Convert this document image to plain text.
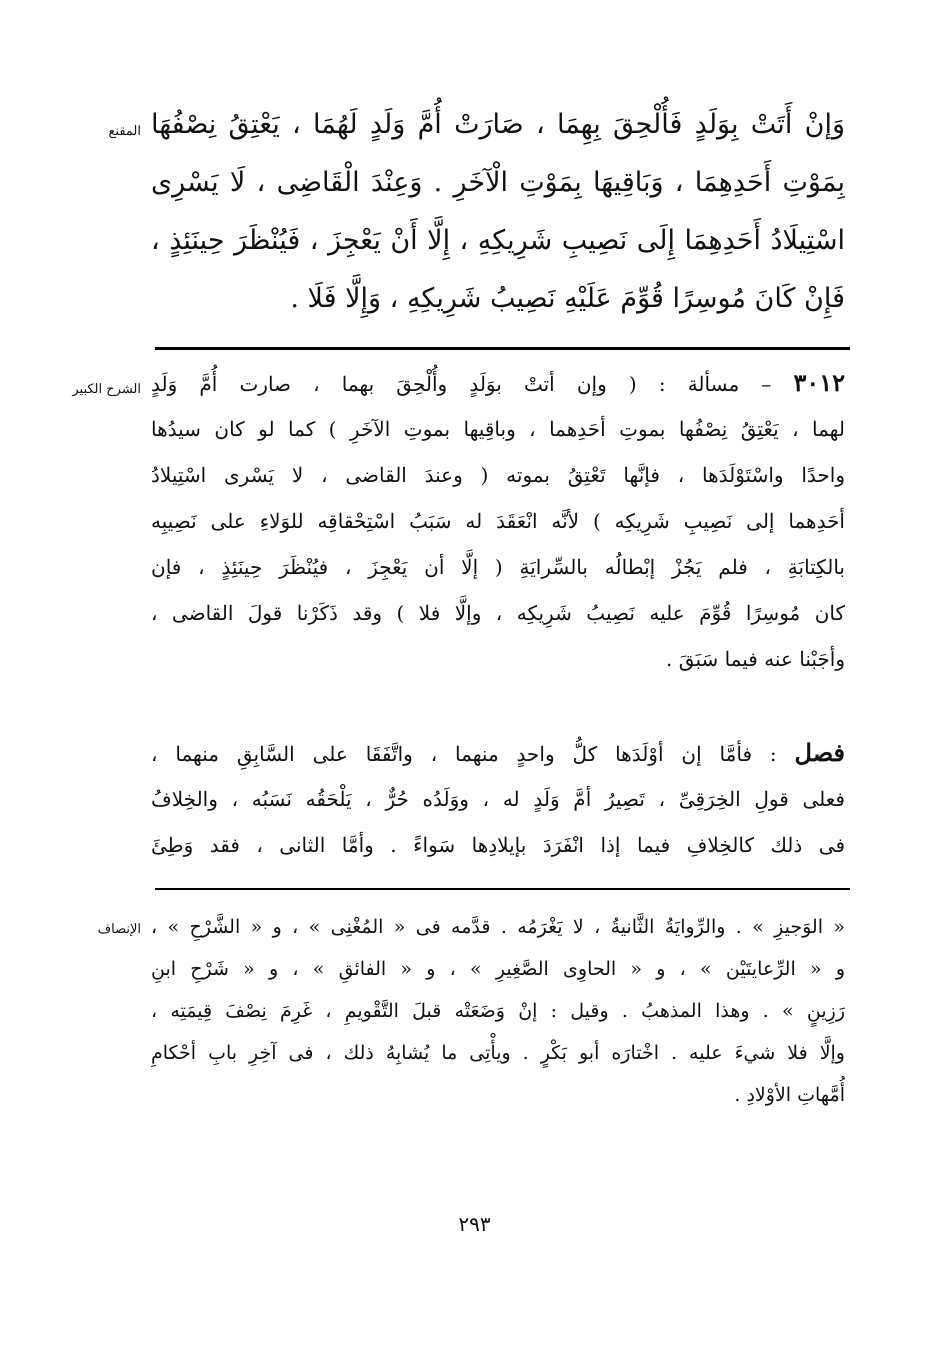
المقنع وَإنْ أَتَتْ بِوَلَدٍ فَأُلْحِقَ بِهِمَا ، صَارَتْ أُمَّ وَلَدٍ لَهُمَا ، يَعْتِقُ نِصْفُهَا
بِمَوْتِ أَحَدِهِمَا ، وَبَاقِيهَا بِمَوْتِ الْآخَرِ . وَعِنْدَ الْقَاضِى ، لَا يَسْرِى
اسْتِيلَادُ أَحَدِهِمَا إِلَى نَصِيبِ شَرِيكِهِ ، إِلَّا أَنْ يَعْجِزَ ، فَيُنْظَرَ حِينَئِذٍ ،
فَإِنْ كَانَ مُوسِرًا قُوِّمَ عَلَيْهِ نَصِيبُ شَرِيكِهِ ، وَإِلَّا فَلَا .
الشرح الكبير	٣٠١٢ – مسألة : ( وإن أتتْ بوَلَدٍ وأُلْحِقَ بهما ، صارت أُمَّ وَلَدٍ
لهما ، يَعْتِقُ نِصْفُها بموتِ أحَدِهما ، وباقِيها بموتِ الآخَرِ ) كما لو كان سيدُها
واحدًا واسْتَوْلَدَها ، فإنَّها تَعْتِقُ بموته ( وعندَ القاضى ، لا يَسْرى اسْتِيلادُ
أحَدِهما إلى نَصِيبِ شَرِيكِه ) لأنَّه انْعَقَدَ له سَبَبُ اسْتِحْقاقِه للوَلاءِ على نَصِيبِه
بالكِتابَةِ ، فلم يَجُزْ إبْطالُه بالسِّرايَةِ ( إلَّا أن يَعْجِزَ ، فيُنْظَرَ حِينَئِذٍ ، فإن
كان مُوسِرًا قُوِّمَ عليه نَصِيبُ شَرِيكِه ، وإلَّا فلا ) وقد ذَكَرْنا قولَ القاضى ،
وأجَبْنا عنه فيما سَبَقَ .
فصل : فأمَّا إن أوْلَدَها كلُّ واحدٍ منهما ، واتَّفَقَا على السَّابِقِ منهما ،
فعلى قولِ الخِرَقِىِّ ، تَصِيرُ أمَّ وَلَدٍ له ، ووَلَدُه حُرٌّ ، يَلْحَقُه نَسَبُه ، والخِلافُ
فى ذلك كالخِلافِ فيما إذا انْفَرَدَ بإيلادِها سَواءً . وأمَّا الثانى ، فقد وَطِئَ
الإنصاف « الوَجيزِ » . والرِّوايَةُ الثَّانيةُ ، لا يَغْرَمُه . قدَّمه فى « المُغْنِى » ، و « الشَّرْحِ » ،
و « الرِّعايتَيْن » ، و « الحاوِى الصَّغِيرِ » ، و « الفائقِ » ، و « شَرْحِ ابنِ
رَزِينٍ » . وهذا المذهبُ . وقيل : إنْ وَضَعَتْه قبلَ التَّقْويمِ ، غَرِمَ نِصْفَ قِيمَتِه ،
وإلَّا فلا شيءَ عليه . اخْتارَه أبو بَكْرٍ . ويأْتِى ما يُشابِهُ ذلك ، فى آخِرِ بابِ أحْكامِ
أُمَّهاتِ الأوْلادِ .
٢٩٣
